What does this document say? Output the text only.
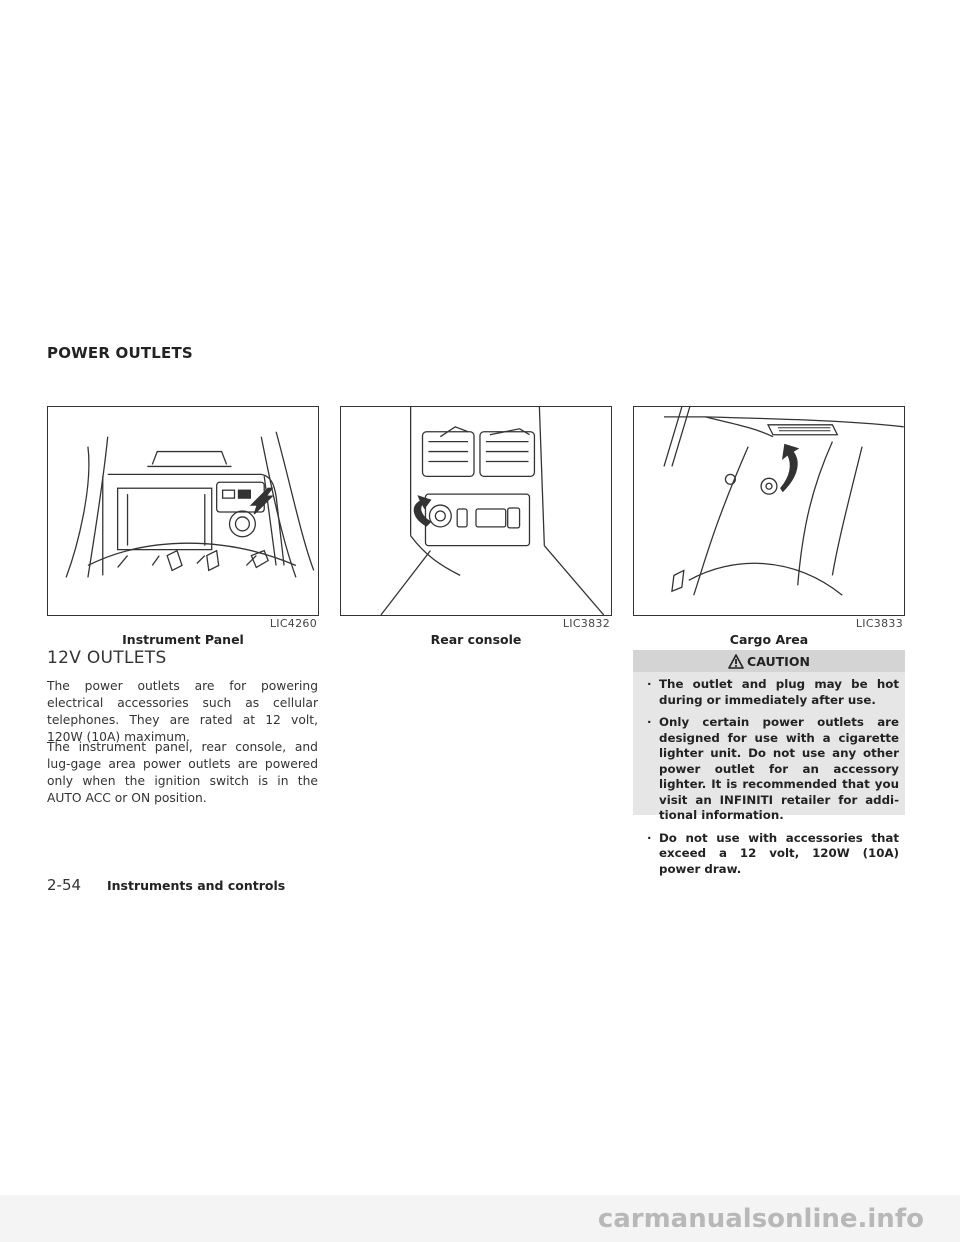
POWER OUTLETS
LIC4260
Instrument Panel
LIC3832
Rear console
LIC3833
Cargo Area
12V OUTLETS

The power outlets are for powering electrical accessories such as cellular telephones. They are rated at 12 volt, 120W (10A) maximum.

The instrument panel, rear console, and lug-gage area power outlets are powered only when the ignition switch is in the AUTO ACC or ON position.

CAUTION
· The outlet and plug may be hot during or immediately after use.
· Only certain power outlets are designed for use with a cigarette lighter unit. Do not use any other power outlet for an accessory lighter. It is recommended that you visit an INFINITI retailer for addi-tional information.
· Do not use with accessories that exceed a 12 volt, 120W (10A) power draw.
2-54 Instruments and controls
carmanualsonline.info
